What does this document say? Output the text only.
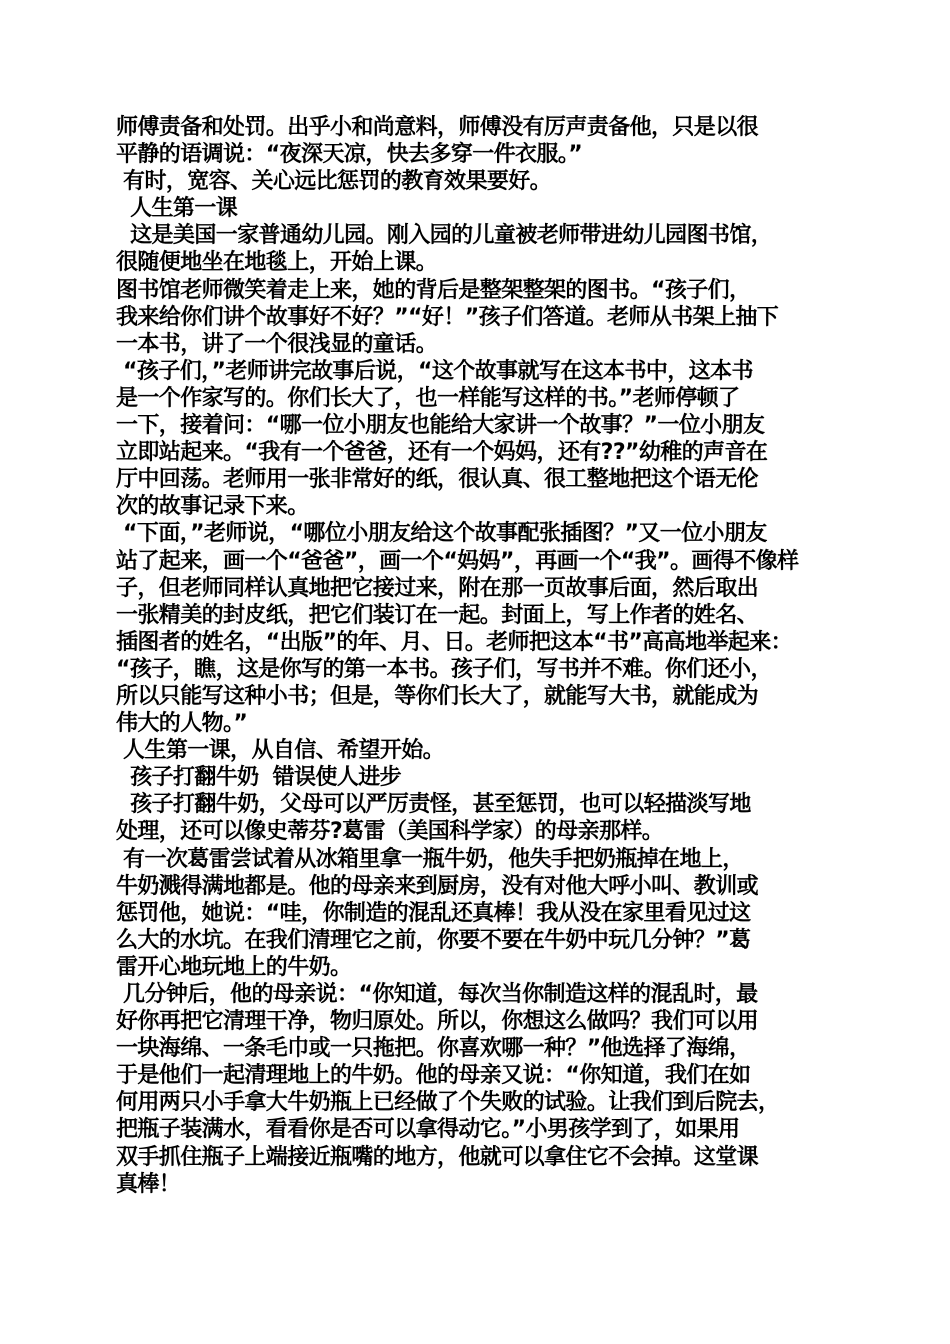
师傅责备和处罚。出乎小和尚意料，师傅没有厉声责备他，只是以很
平静的语调说：“夜深天凉，快去多穿一件衣服。”
有时，宽容、关心远比惩罚的教育效果要好。
人生第一课
这是美国一家普通幼儿园。刚入园的儿童被老师带进幼儿园图书馆，
很随便地坐在地毯上，开始上课。
图书馆老师微笑着走上来，她的背后是整架整架的图书。“孩子们，
我来给你们讲个故事好不好？”“好！”孩子们答道。老师从书架上抽下
一本书，讲了一个很浅显的童话。
“孩子们，”老师讲完故事后说，“这个故事就写在这本书中，这本书
是一个作家写的。你们长大了，也一样能写这样的书。”老师停顿了
一下，接着问：“哪一位小朋友也能给大家讲一个故事？”一位小朋友
立即站起来。“我有一个爸爸，还有一个妈妈，还有??”幼稚的声音在
厅中回荡。老师用一张非常好的纸，很认真、很工整地把这个语无伦
次的故事记录下来。
“下面，”老师说，“哪位小朋友给这个故事配张插图？”又一位小朋友
站了起来，画一个“爸爸”，画一个“妈妈”，再画一个“我”。画得不像样
子，但老师同样认真地把它接过来，附在那一页故事后面，然后取出
一张精美的封皮纸，把它们装订在一起。封面上，写上作者的姓名、
插图者的姓名，“出版”的年、月、日。老师把这本“书”高高地举起来：
“孩子，瞧，这是你写的第一本书。孩子们，写书并不难。你们还小，
所以只能写这种小书；但是，等你们长大了，就能写大书，就能成为
伟大的人物。”
人生第一课，从自信、希望开始。
孩子打翻牛奶  错误使人进步
孩子打翻牛奶，父母可以严厉责怪，甚至惩罚，也可以轻描淡写地
处理，还可以像史蒂芬?葛雷（美国科学家）的母亲那样。
有一次葛雷尝试着从冰箱里拿一瓶牛奶，他失手把奶瓶掉在地上，
牛奶溅得满地都是。他的母亲来到厨房，没有对他大呼小叫、教训或
惩罚他，她说：“哇，你制造的混乱还真棒！我从没在家里看见过这
么大的水坑。在我们清理它之前，你要不要在牛奶中玩几分钟？”葛
雷开心地玩地上的牛奶。
几分钟后，他的母亲说：“你知道，每次当你制造这样的混乱时，最
好你再把它清理干净，物归原处。所以，你想这么做吗？我们可以用
一块海绵、一条毛巾或一只拖把。你喜欢哪一种？”他选择了海绵，
于是他们一起清理地上的牛奶。他的母亲又说：“你知道，我们在如
何用两只小手拿大牛奶瓶上已经做了个失败的试验。让我们到后院去，
把瓶子装满水，看看你是否可以拿得动它。”小男孩学到了，如果用
双手抓住瓶子上端接近瓶嘴的地方，他就可以拿住它不会掉。这堂课
真棒！
